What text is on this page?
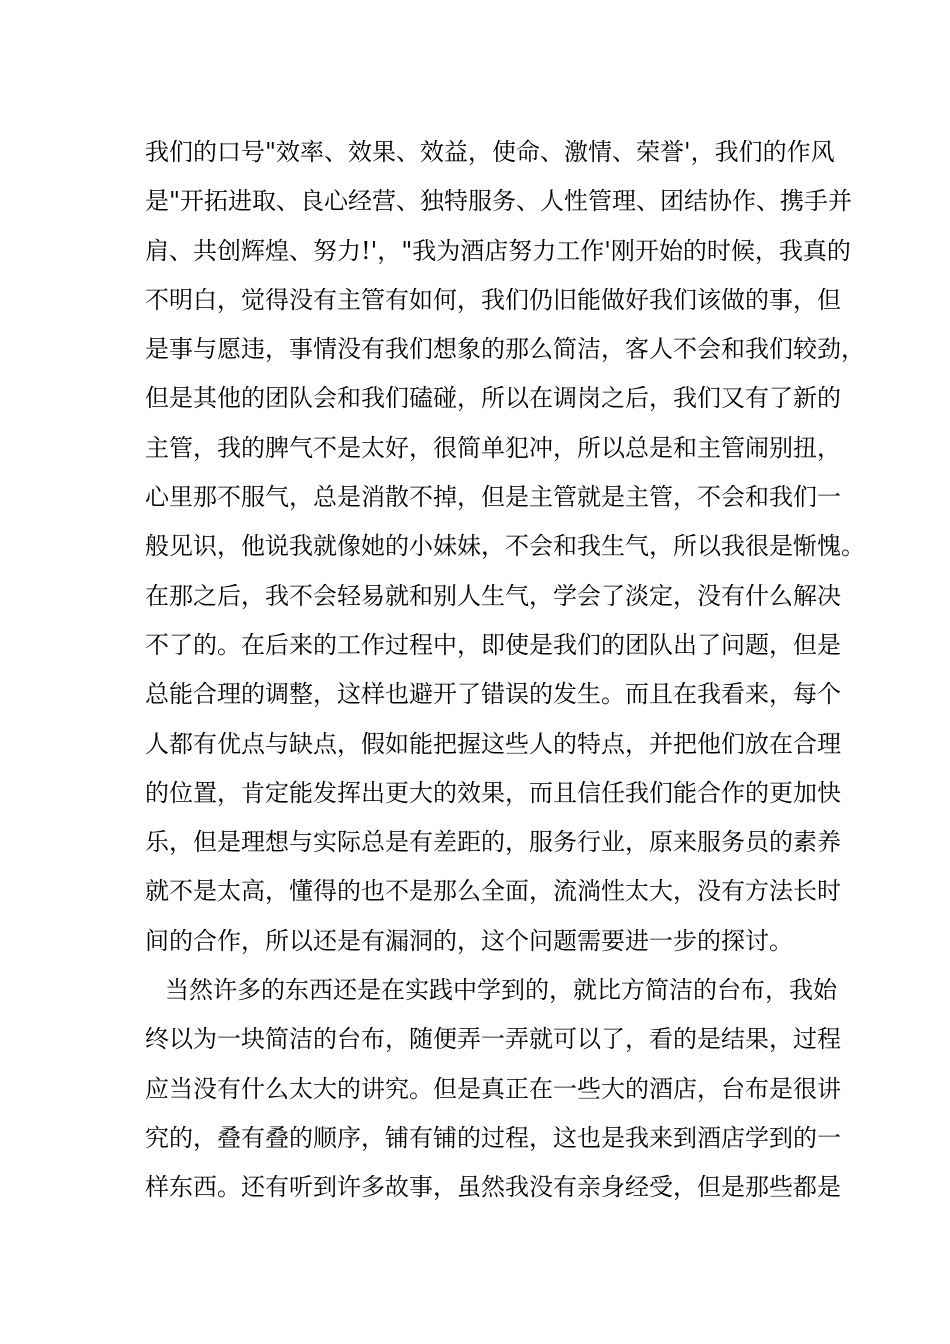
我们的口号"效率、效果、效益，使命、激情、荣誉'，我们的作风
是"开拓进取、良心经营、独特服务、人性管理、团结协作、携手并
肩、共创辉煌、努力!'，"我为酒店努力工作'刚开始的时候，我真的
不明白，觉得没有主管有如何，我们仍旧能做好我们该做的事，但
是事与愿违，事情没有我们想象的那么简洁，客人不会和我们较劲，
但是其他的团队会和我们磕碰，所以在调岗之后，我们又有了新的
主管，我的脾气不是太好，很简单犯冲，所以总是和主管闹别扭，
心里那不服气，总是消散不掉，但是主管就是主管，不会和我们一
般见识，他说我就像她的小妹妹，不会和我生气，所以我很是惭愧。
在那之后，我不会轻易就和别人生气，学会了淡定，没有什么解决
不了的。在后来的工作过程中，即使是我们的团队出了问题，但是
总能合理的调整，这样也避开了错误的发生。而且在我看来，每个
人都有优点与缺点，假如能把握这些人的特点，并把他们放在合理
的位置，肯定能发挥出更大的效果，而且信任我们能合作的更加快
乐，但是理想与实际总是有差距的，服务行业，原来服务员的素养
就不是太高，懂得的也不是那么全面，流淌性太大，没有方法长时
间的合作，所以还是有漏洞的，这个问题需要进一步的探讨。
当然许多的东西还是在实践中学到的，就比方简洁的台布，我始
终以为一块简洁的台布，随便弄一弄就可以了，看的是结果，过程
应当没有什么太大的讲究。但是真正在一些大的酒店，台布是很讲
究的，叠有叠的顺序，铺有铺的过程，这也是我来到酒店学到的一
样东西。还有听到许多故事，虽然我没有亲身经受，但是那些都是
